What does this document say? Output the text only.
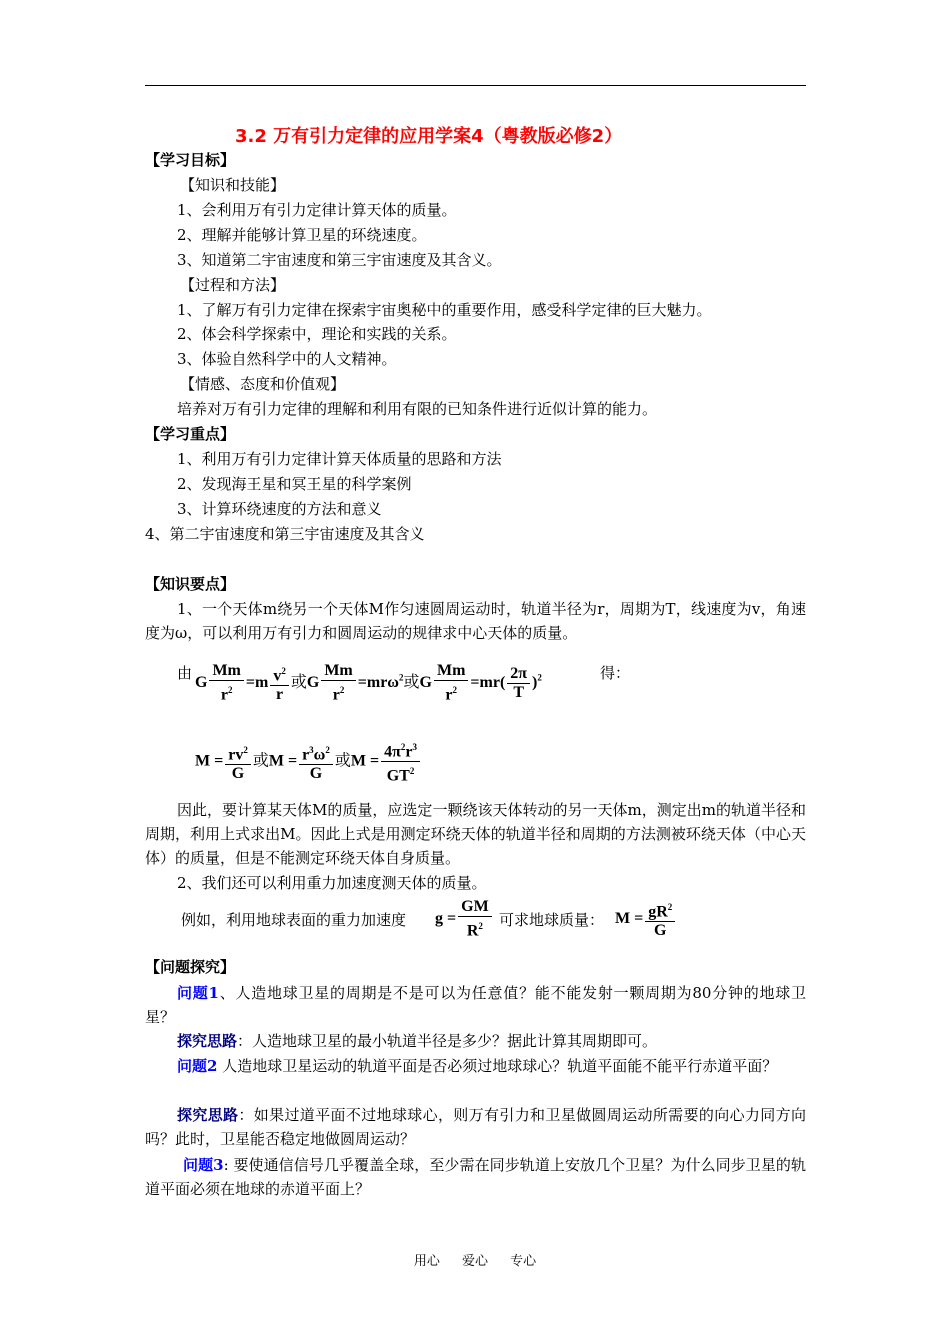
3.2 万有引力定律的应用学案4（粤教版必修2）
【学习目标】
【知识和技能】
1、会利用万有引力定律计算天体的质量。
2、理解并能够计算卫星的环绕速度。
3、知道第二宇宙速度和第三宇宙速度及其含义。
【过程和方法】
1、了解万有引力定律在探索宇宙奥秘中的重要作用，感受科学定律的巨大魅力。
2、体会科学探索中，理论和实践的关系。
3、体验自然科学中的人文精神。
【情感、态度和价值观】
培养对万有引力定律的理解和利用有限的已知条件进行近似计算的能力。
【学习重点】
1、利用万有引力定律计算天体质量的思路和方法
2、发现海王星和冥王星的科学案例
3、计算环绕速度的方法和意义
4、第二宇宙速度和第三宇宙速度及其含义
【知识要点】
1、一个天体m绕另一个天体M作匀速圆周运动时，轨道半径为r，周期为T，线速度为v，角速度为ω，可以利用万有引力和圆周运动的规律求中心天体的质量。
由
G $\frac{Mm}{r^2} =m \frac{v^2}{r}$ 或G $\frac{Mm}{r^2} =mr\omega^2$或G $\frac{Mm}{r^2} =mr( \frac{2\pi}{T} )^2$	得：
$M = \frac{rv^2}{G}$ 或$M = \frac{r^3\omega^2}{G}$ 或$M = \frac{4\pi^2r^3}{GT^2}$
因此，要计算某天体M的质量，应选定一颗绕该天体转动的另一天体m，测定出m的轨道半径和周期，利用上式求出M。因此上式是用测定环绕天体的轨道半径和周期的方法测被环绕天体（中心天体）的质量，但是不能测定环绕天体自身质量。
2、我们还可以利用重力加速度测天体的质量。
例如，利用地球表面的重力加速度 $g = \frac{GM}{R^2}$ 可求地球质量： $M = \frac{gR^2}{G}$
【问题探究】
问题1、人造地球卫星的周期是不是可以为任意值？能不能发射一颗周期为80分钟的地球卫星？
探究思路：人造地球卫星的最小轨道半径是多少？据此计算其周期即可。
问题2 人造地球卫星运动的轨道平面是否必须过地球球心？轨道平面能不能平行赤道平面？
探究思路：如果过道平面不过地球球心，则万有引力和卫星做圆周运动所需要的向心力同方向吗？此时，卫星能否稳定地做圆周运动？
问题3: 要使通信信号几乎覆盖全球，至少需在同步轨道上安放几个卫星？为什么同步卫星的轨道平面必须在地球的赤道平面上？
用心 爱心 专心
